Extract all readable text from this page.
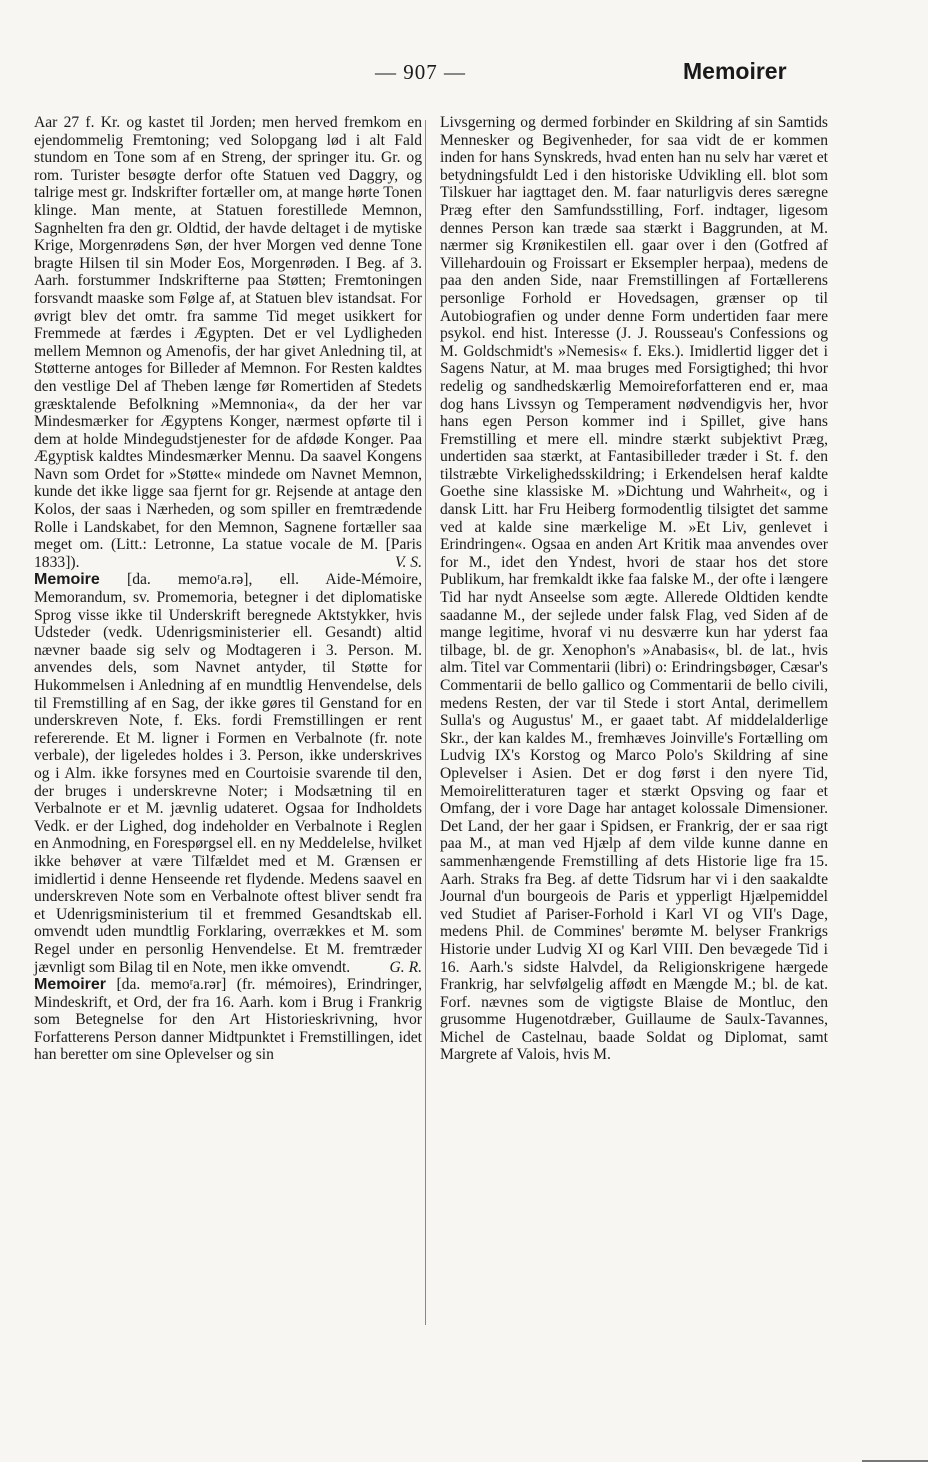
— 907 —	Memoirer

Aar 27 f. Kr. og kastet til Jorden; men herved fremkom en ejendommelig Fremtoning; ved Solopgang lød i alt Fald stundom en Tone som af en Streng, der springer itu. Gr. og rom. Turister besøgte derfor ofte Statuen ved Daggry, og talrige mest gr. Indskrifter fortæller om, at mange hørte Tonen klinge. Man mente, at Statuen forestillede Memnon, Sagnhelten fra den gr. Oldtid, der havde deltaget i de mytiske Krige, Morgenrødens Søn, der hver Morgen ved denne Tone bragte Hilsen til sin Moder Eos, Morgenrøden. I Beg. af 3. Aarh. forstummer Indskrifterne paa Støtten; Fremtoningen forsvandt maaske som Følge af, at Statuen blev istandsat. For øvrigt blev det omtr. fra samme Tid meget usikkert for Fremmede at færdes i Ægypten. Det er vel Lydligheden mellem Memnon og Amenofis, der har givet Anledning til, at Støtterne antoges for Billeder af Memnon. For Resten kaldtes den vestlige Del af Theben længe før Romertiden af Stedets græsktalende Befolkning »Memnonia«, da der her var Mindesmærker for Ægyptens Konger, nærmest opførte til i dem at holde Mindegudstjenester for de afdøde Konger. Paa Ægyptisk kaldtes Mindesmærker Mennu. Da saavel Kongens Navn som Ordet for »Støtte« mindede om Navnet Memnon, kunde det ikke ligge saa fjernt for gr. Rejsende at antage den Kolos, der saas i Nærheden, og som spiller en fremtrædende Rolle i Landskabet, for den Memnon, Sagnene fortæller saa meget om. (Litt.: Letronne, La statue vocale de M. [Paris 1833]).	V. S.

Memoire [da. memoʳa.rə], ell. Aide-Mémoire, Memorandum, sv. Promemoria, betegner i det diplomatiske Sprog visse ikke til Underskrift beregnede Aktstykker, hvis Udsteder (vedk. Udenrigsministerier ell. Gesandt) altid nævner baade sig selv og Modtageren i 3. Person. M. anvendes dels, som Navnet antyder, til Støtte for Hukommelsen i Anledning af en mundtlig Henvendelse, dels til Fremstilling af en Sag, der ikke gøres til Genstand for en underskreven Note, f. Eks. fordi Fremstillingen er rent refererende. Et M. ligner i Formen en Verbalnote (fr. note verbale), der ligeledes holdes i 3. Person, ikke underskrives og i Alm. ikke forsynes med en Courtoisie svarende til den, der bruges i underskrevne Noter; i Modsætning til en Verbalnote er et M. jævnlig udateret. Ogsaa for Indholdets Vedk. er der Lighed, dog indeholder en Verbalnote i Reglen en Anmodning, en Forespørgsel ell. en ny Meddelelse, hvilket ikke behøver at være Tilfældet med et M. Grænsen er imidlertid i denne Henseende ret flydende. Medens saavel en underskreven Note som en Verbalnote oftest bliver sendt fra et Udenrigsministerium til et fremmed Gesandtskab ell. omvendt uden mundtlig Forklaring, overrækkes et M. som Regel under en personlig Henvendelse. Et M. fremtræder jævnligt som Bilag til en Note, men ikke omvendt.	G. R.

Memoirer [da. memoʳa.rər] (fr. mémoires), Erindringer, Mindeskrift, et Ord, der fra 16. Aarh. kom i Brug i Frankrig som Betegnelse for den Art Historieskrivning, hvor Forfatterens Person danner Midtpunktet i Fremstillingen, idet han beretter om sine Oplevelser og sin

Livsgerning og dermed forbinder en Skildring af sin Samtids Mennesker og Begivenheder, for saa vidt de er kommen inden for hans Synskreds, hvad enten han nu selv har været et betydningsfuldt Led i den historiske Udvikling ell. blot som Tilskuer har iagttaget den. M. faar naturligvis deres særegne Præg efter den Samfundsstilling, Forf. indtager, ligesom dennes Person kan træde saa stærkt i Baggrunden, at M. nærmer sig Krønikestilen ell. gaar over i den (Gotfred af Villehardouin og Froissart er Eksempler herpaa), medens de paa den anden Side, naar Fremstillingen af Fortællerens personlige Forhold er Hovedsagen, grænser op til Autobiografien og under denne Form undertiden faar mere psykol. end hist. Interesse (J. J. Rousseau's Confessions og M. Goldschmidt's »Nemesis« f. Eks.). Imidlertid ligger det i Sagens Natur, at M. maa bruges med Forsigtighed; thi hvor redelig og sandhedskærlig Memoireforfatteren end er, maa dog hans Livssyn og Temperament nødvendigvis her, hvor hans egen Person kommer ind i Spillet, give hans Fremstilling et mere ell. mindre stærkt subjektivt Præg, undertiden saa stærkt, at Fantasibilleder træder i St. f. den tilstræbte Virkelighedsskildring; i Erkendelsen heraf kaldte Goethe sine klassiske M. »Dichtung und Wahrheit«, og i dansk Litt. har Fru Heiberg formodentlig tilsigtet det samme ved at kalde sine mærkelige M. »Et Liv, genlevet i Erindringen«. Ogsaa en anden Art Kritik maa anvendes over for M., idet den Yndest, hvori de staar hos det store Publikum, har fremkaldt ikke faa falske M., der ofte i længere Tid har nydt Anseelse som ægte. Allerede Oldtiden kendte saadanne M., der sejlede under falsk Flag, ved Siden af de mange legitime, hvoraf vi nu desværre kun har yderst faa tilbage, bl. de gr. Xenophon's »Anabasis«, bl. de lat., hvis alm. Titel var Commentarii (libri) o: Erindringsbøger, Cæsar's Commentarii de bello gallico og Commentarii de bello civili, medens Resten, der var til Stede i stort Antal, derimellem Sulla's og Augustus' M., er gaaet tabt. Af middelalderlige Skr., der kan kaldes M., fremhæves Joinville's Fortælling om Ludvig IX's Korstog og Marco Polo's Skildring af sine Oplevelser i Asien. Det er dog først i den nyere Tid, Memoirelitteraturen tager et stærkt Opsving og faar et Omfang, der i vore Dage har antaget kolossale Dimensioner. Det Land, der her gaar i Spidsen, er Frankrig, der er saa rigt paa M., at man ved Hjælp af dem vilde kunne danne en sammenhængende Fremstilling af dets Historie lige fra 15. Aarh. Straks fra Beg. af dette Tidsrum har vi i den saakaldte Journal d'un bourgeois de Paris et ypperligt Hjælpemiddel ved Studiet af Pariser-Forhold i Karl VI og VII's Dage, medens Phil. de Commines' berømte M. belyser Frankrigs Historie under Ludvig XI og Karl VIII. Den bevægede Tid i 16. Aarh.'s sidste Halvdel, da Religionskrigene hærgede Frankrig, har selvfølgelig affødt en Mængde M.; bl. de kat. Forf. nævnes som de vigtigste Blaise de Montluc, den grusomme Hugenotdræber, Guillaume de Saulx-Tavannes, Michel de Castelnau, baade Soldat og Diplomat, samt Margrete af Valois, hvis M.
